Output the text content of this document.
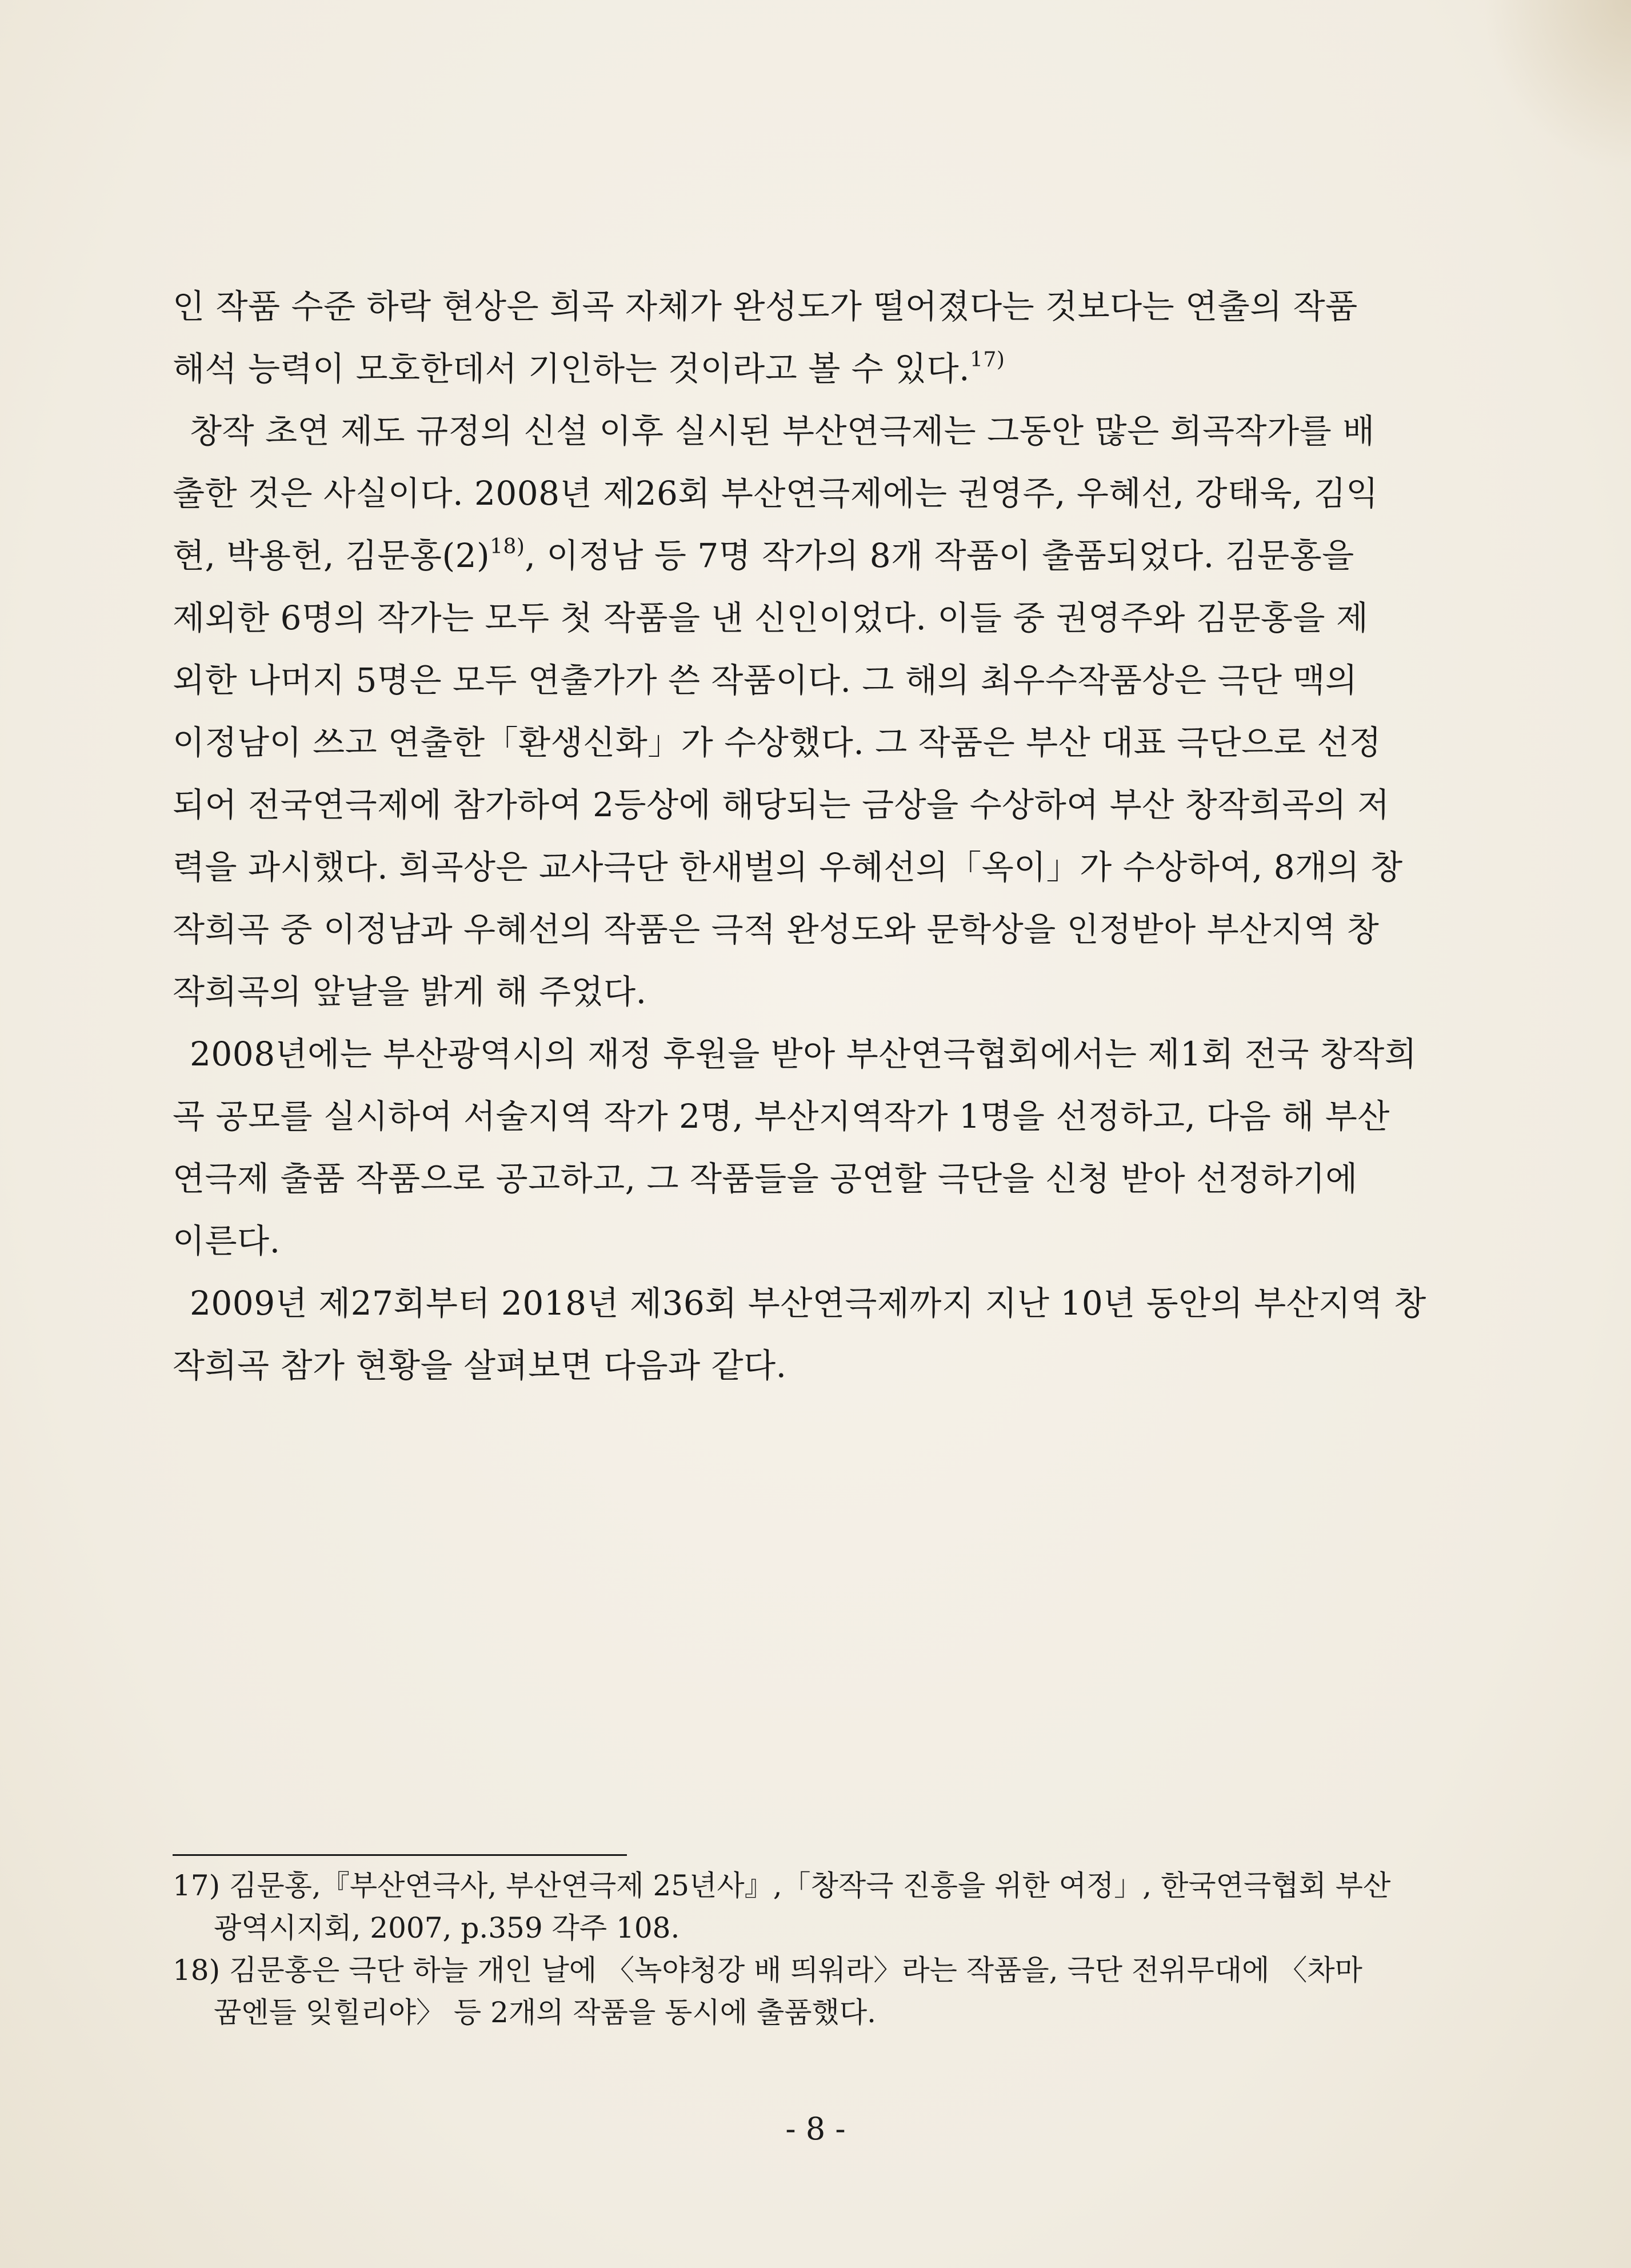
인 작품 수준 하락 현상은 희곡 자체가 완성도가 떨어졌다는 것보다는 연출의 작품
해석 능력이 모호한데서 기인하는 것이라고 볼 수 있다.$^{17)}$
창작 초연 제도 규정의 신설 이후 실시된 부산연극제는 그동안 많은 희곡작가를 배
출한 것은 사실이다. 2008년 제26회 부산연극제에는 권영주, 우혜선, 강태욱, 김익
현, 박용헌, 김문홍$(2)^{18)}$, 이정남 등 7명 작가의 8개 작품이 출품되었다. 김문홍을
제외한 6명의 작가는 모두 첫 작품을 낸 신인이었다. 이들 중 권영주와 김문홍을 제
외한 나머지 5명은 모두 연출가가 쓴 작품이다. 그 해의 최우수작품상은 극단 맥의
이정남이 쓰고 연출한「환생신화」가 수상했다. 그 작품은 부산 대표 극단으로 선정
되어 전국연극제에 참가하여 2등상에 해당되는 금상을 수상하여 부산 창작희곡의 저
력을 과시했다. 희곡상은 교사극단 한새벌의 우혜선의「옥이」가 수상하여, 8개의 창
작희곡 중 이정남과 우혜선의 작품은 극적 완성도와 문학상을 인정받아 부산지역 창
작희곡의 앞날을 밝게 해 주었다.
2008년에는 부산광역시의 재정 후원을 받아 부산연극협회에서는 제1회 전국 창작희
곡 공모를 실시하여 서술지역 작가 2명, 부산지역작가 1명을 선정하고, 다음 해 부산
연극제 출품 작품으로 공고하고, 그 작품들을 공연할 극단을 신청 받아 선정하기에
이른다.
2009년 제27회부터 2018년 제36회 부산연극제까지 지난 10년 동안의 부산지역 창
작희곡 참가 현황을 살펴보면 다음과 같다.
17) 김문홍,『부산연극사, 부산연극제 25년사』,「창작극 진흥을 위한 여정」, 한국연극협회 부산
광역시지회, 2007, p.359 각주 108.
18) 김문홍은 극단 하늘 개인 날에 〈녹야청강 배 띄워라〉라는 작품을, 극단 전위무대에 〈차마
꿈엔들 잊힐리야〉 등 2개의 작품을 동시에 출품했다.
- 8 -
